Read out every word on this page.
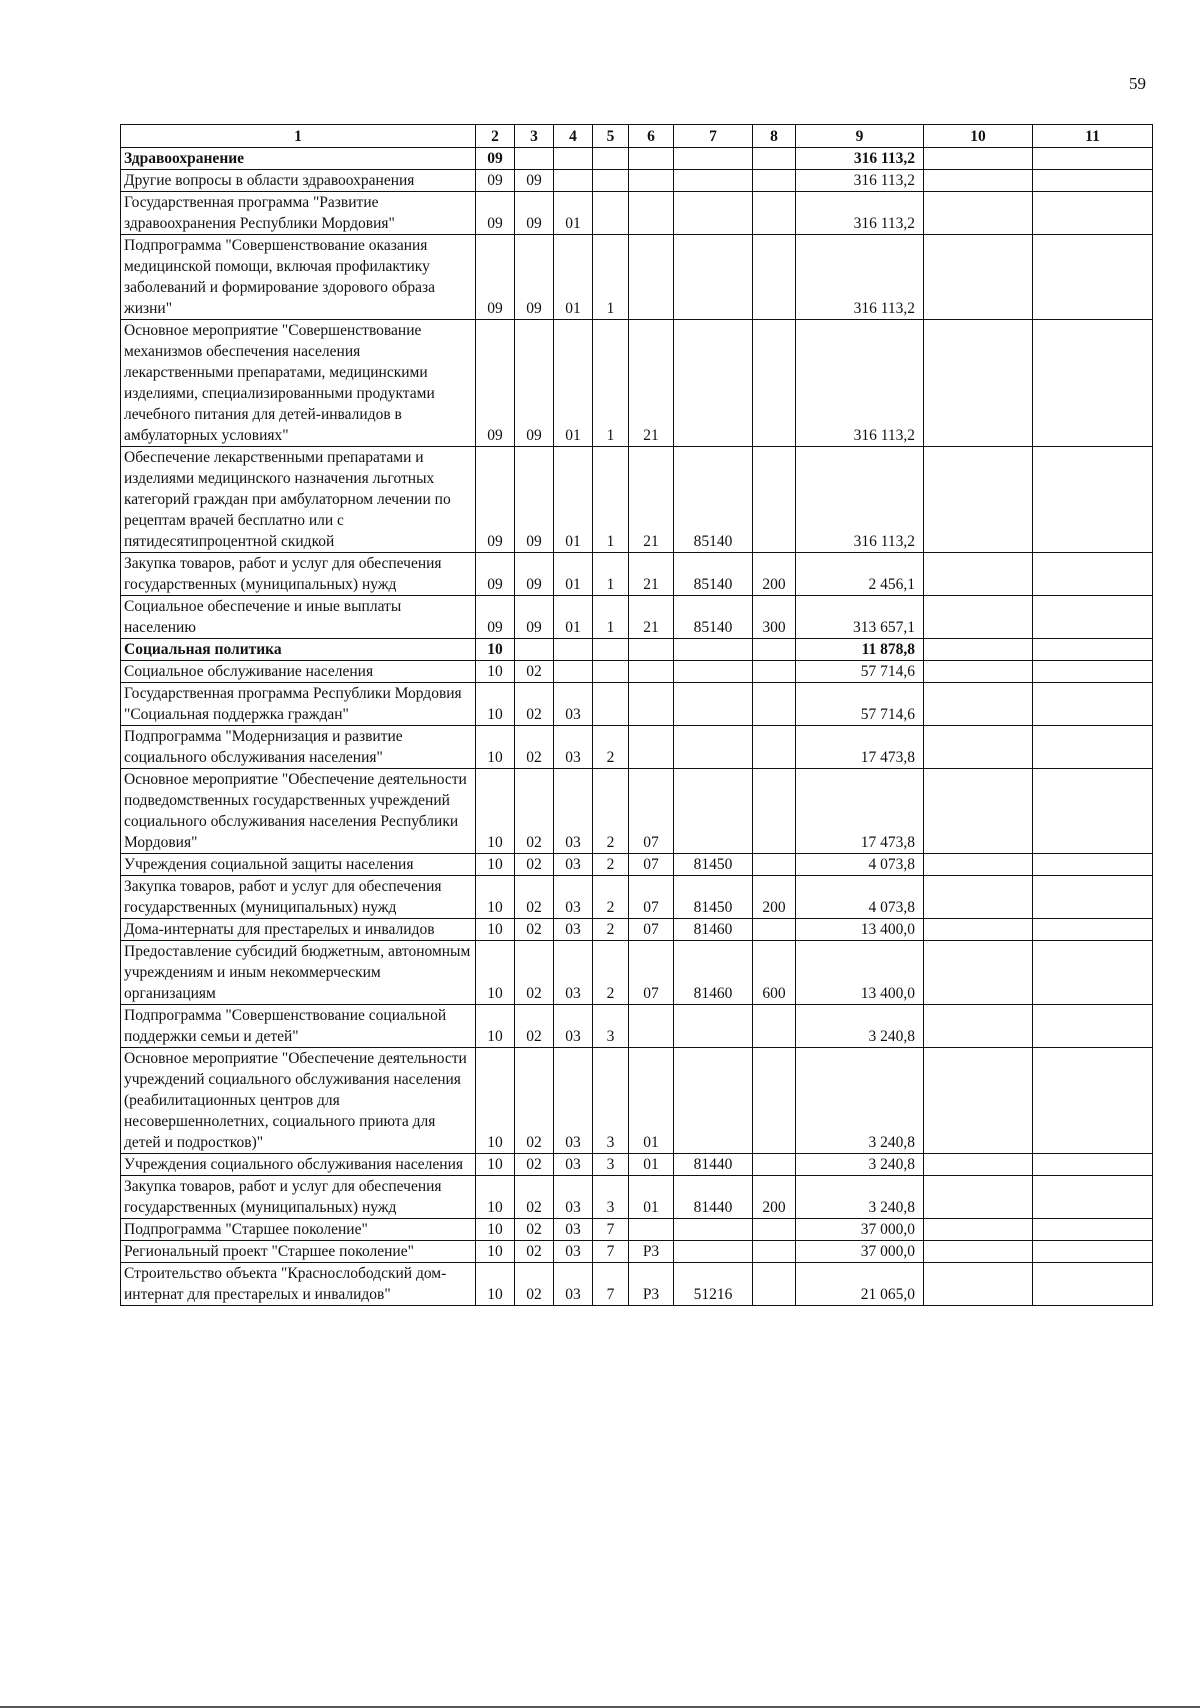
59
1	2	3	4	5	6	7	8	9	10	11
Здравоохранение	09							316 113,2		
Другие вопросы в области здравоохранения	09	09						316 113,2		
Государственная программа "Развитие здравоохранения Республики Мордовия"	09	09	01					316 113,2		
Подпрограмма "Совершенствование оказания медицинской помощи, включая профилактику заболеваний и формирование здорового образа жизни"	09	09	01	1				316 113,2		
Основное мероприятие "Совершенствование механизмов обеспечения населения лекарственными препаратами, медицинскими изделиями, специализированными продуктами лечебного питания для детей-инвалидов в амбулаторных условиях"	09	09	01	1	21			316 113,2		
Обеспечение лекарственными препаратами и изделиями медицинского назначения льготных категорий граждан при амбулаторном лечении по рецептам врачей бесплатно или с пятидесятипроцентной скидкой	09	09	01	1	21	85140		316 113,2		
Закупка товаров, работ и услуг для обеспечения государственных (муниципальных) нужд	09	09	01	1	21	85140	200	2 456,1		
Социальное обеспечение и иные выплаты населению	09	09	01	1	21	85140	300	313 657,1		
Социальная политика	10							11 878,8		
Социальное обслуживание населения	10	02						57 714,6		
Государственная программа Республики Мордовия "Социальная поддержка граждан"	10	02	03					57 714,6		
Подпрограмма "Модернизация и развитие социального обслуживания населения"	10	02	03	2				17 473,8		
Основное мероприятие "Обеспечение деятельности подведомственных государственных учреждений социального обслуживания населения Республики Мордовия"	10	02	03	2	07			17 473,8		
Учреждения социальной защиты населения	10	02	03	2	07	81450		4 073,8		
Закупка товаров, работ и услуг для обеспечения государственных (муниципальных) нужд	10	02	03	2	07	81450	200	4 073,8		
Дома-интернаты для престарелых и инвалидов	10	02	03	2	07	81460		13 400,0		
Предоставление субсидий бюджетным, автономным учреждениям и иным некоммерческим организациям	10	02	03	2	07	81460	600	13 400,0		
Подпрограмма "Совершенствование социальной поддержки семьи и детей"	10	02	03	3				3 240,8		
Основное мероприятие "Обеспечение деятельности учреждений социального обслуживания населения (реабилитационных центров для несовершеннолетних, социального приюта для детей и подростков)"	10	02	03	3	01			3 240,8		
Учреждения социального обслуживания населения	10	02	03	3	01	81440		3 240,8		
Закупка товаров, работ и услуг для обеспечения государственных (муниципальных) нужд	10	02	03	3	01	81440	200	3 240,8		
Подпрограмма "Старшее поколение"	10	02	03	7				37 000,0		
Региональный проект "Старшее поколение"	10	02	03	7	P3			37 000,0		
Строительство объекта "Краснослободский дом-интернат для престарелых и инвалидов"	10	02	03	7	P3	51216		21 065,0		
